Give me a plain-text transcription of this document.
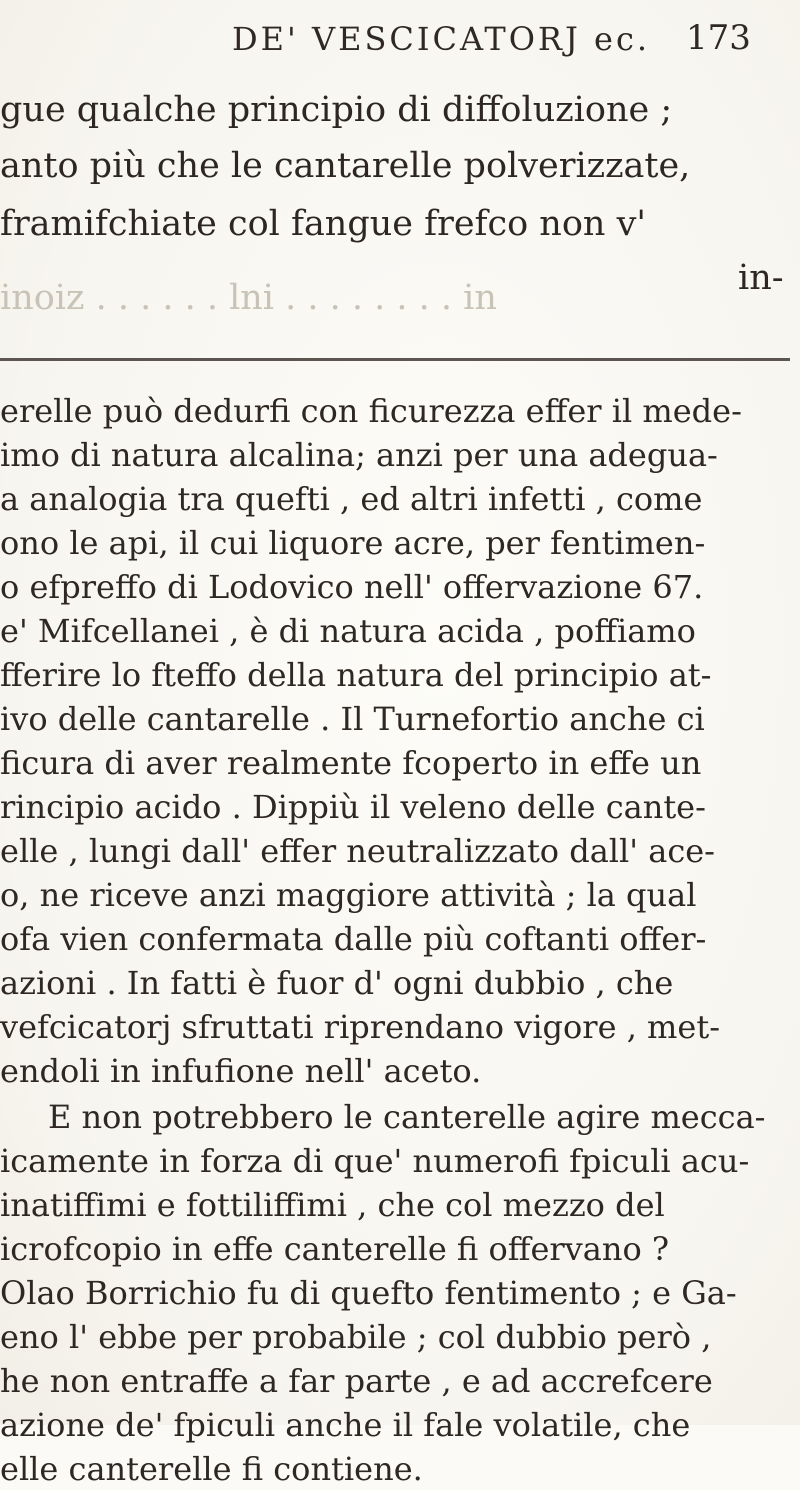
DE' VESCICATORJ ec. 173
gue qualche principio di diffoluzione ;
anto più che le cantarelle polverizzate,
framifchiate col fangue frefco non v'
in-
inoiz . . . . . . lni . . . . . . . . in
erelle può dedurfi con ficurezza effer il mede-
imo di natura alcalina; anzi per una adegua-
a analogia tra quefti , ed altri infetti , come
ono le api, il cui liquore acre, per fentimen-
o efpreffo di Lodovico nell' offervazione 67.
e' Mifcellanei , è di natura acida , poffiamo
fferire lo fteffo della natura del principio at-
ivo delle cantarelle . Il Turnefortio anche ci
ficura di aver realmente fcoperto in effe un
rincipio acido . Dippiù il veleno delle cante-
elle , lungi dall' effer neutralizzato dall' ace-
o, ne riceve anzi maggiore attività ; la qual
ofa vien confermata dalle più coftanti offer-
azioni . In fatti è fuor d' ogni dubbio , che
vefcicatorj sfruttati riprendano vigore , met-
endoli in infufione nell' aceto.
E non potrebbero le canterelle agire mecca-
icamente in forza di que' numerofi fpiculi acu-
inatiffimi e fottiliffimi , che col mezzo del
icrofcopio in effe canterelle fi offervano ?
Olao Borrichio fu di quefto fentimento ; e Ga-
eno l' ebbe per probabile ; col dubbio però ,
he non entraffe a far parte , e ad accrefcere
azione de' fpiculi anche il fale volatile, che
elle canterelle fi contiene.
